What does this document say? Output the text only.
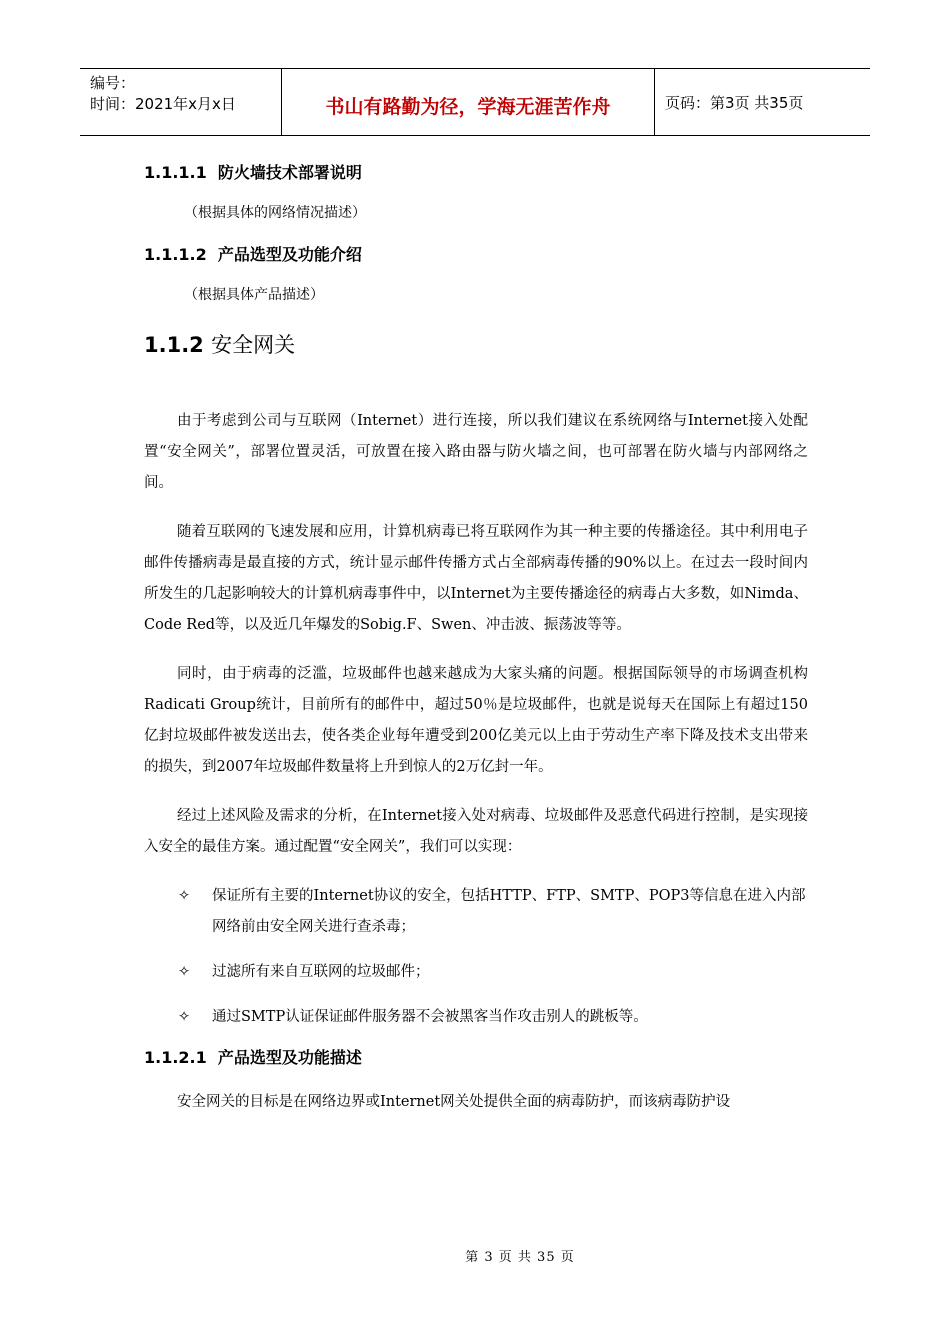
编号：
时间：2021年x月x日	书山有路勤为径，学海无涯苦作舟	页码：第3页 共35页
1.1.1.1 防火墙技术部署说明
（根据具体的网络情况描述）
1.1.1.2 产品选型及功能介绍
（根据具体产品描述）
1.1.2 安全网关

由于考虑到公司与互联网（Internet）进行连接，所以我们建议在系统网络与Internet接入处配置“安全网关”，部署位置灵活，可放置在接入路由器与防火墙之间，也可部署在防火墙与内部网络之间。

随着互联网的飞速发展和应用，计算机病毒已将互联网作为其一种主要的传播途径。其中利用电子邮件传播病毒是最直接的方式，统计显示邮件传播方式占全部病毒传播的90%以上。在过去一段时间内所发生的几起影响较大的计算机病毒事件中，以Internet为主要传播途径的病毒占大多数，如Nimda、Code Red等，以及近几年爆发的Sobig.F、Swen、冲击波、振荡波等等。

同时，由于病毒的泛滥，垃圾邮件也越来越成为大家头痛的问题。根据国际领导的市场调查机构Radicati Group统计，目前所有的邮件中，超过50％是垃圾邮件，也就是说每天在国际上有超过150亿封垃圾邮件被发送出去，使各类企业每年遭受到200亿美元以上由于劳动生产率下降及技术支出带来的损失，到2007年垃圾邮件数量将上升到惊人的2万亿封一年。

经过上述风险及需求的分析，在Internet接入处对病毒、垃圾邮件及恶意代码进行控制，是实现接入安全的最佳方案。通过配置“安全网关”，我们可以实现：

✧ 保证所有主要的Internet协议的安全，包括HTTP、FTP、SMTP、POP3等信息在进入内部网络前由安全网关进行查杀毒；
✧ 过滤所有来自互联网的垃圾邮件；
✧ 通过SMTP认证保证邮件服务器不会被黑客当作攻击别人的跳板等。
1.1.2.1 产品选型及功能描述

安全网关的目标是在网络边界或Internet网关处提供全面的病毒防护，而该病毒防护设

第 3 页 共 35 页
